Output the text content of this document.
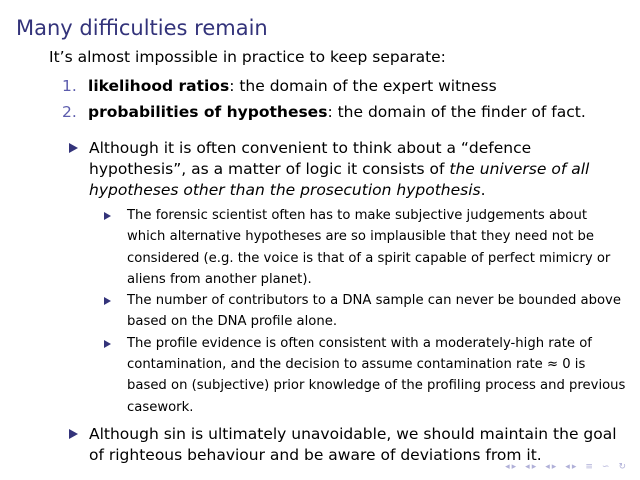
Many difficulties remain
It’s almost impossible in practice to keep separate:
1. likelihood ratios: the domain of the expert witness
2. probabilities of hypotheses: the domain of the finder of fact.
Although it is often convenient to think about a “defence hypothesis”, as a matter of logic it consists of the universe of all hypotheses other than the prosecution hypothesis.
The forensic scientist often has to make subjective judgements about which alternative hypotheses are so implausible that they need not be considered (e.g. the voice is that of a spirit capable of perfect mimicry or aliens from another planet).
The number of contributors to a DNA sample can never be bounded above based on the DNA profile alone.
The profile evidence is often consistent with a moderately-high rate of contamination, and the decision to assume contamination rate ≈ 0 is based on (subjective) prior knowledge of the profiling process and previous casework.
Although sin is ultimately unavoidable, we should maintain the goal of righteous behaviour and be aware of deviations from it.
◂ ▸ ◂ ▸ ◂ ▸ ◂ ▸ ≡ ∽ ↻
